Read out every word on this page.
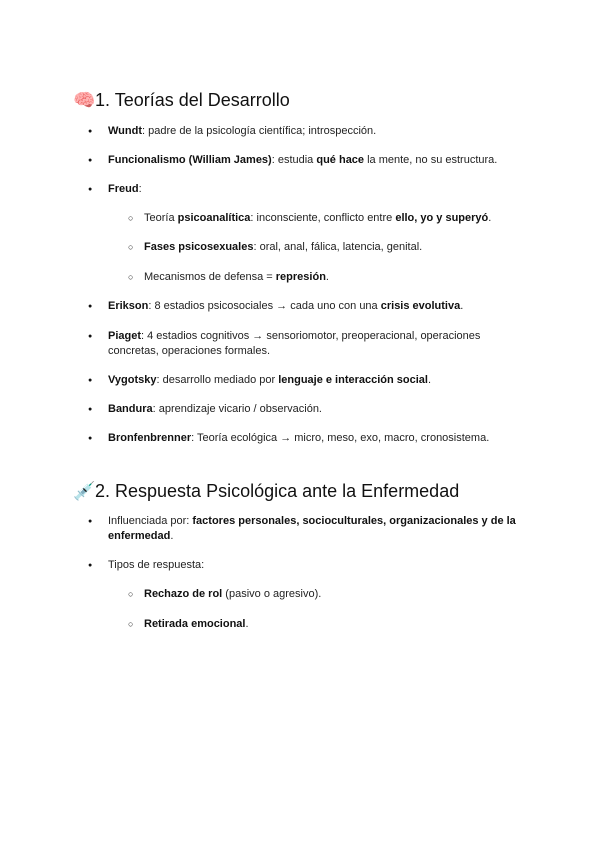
🧠1. Teorías del Desarrollo
● Wundt: padre de la psicología científica; introspección.
● Funcionalismo (William James): estudia qué hace la mente, no su estructura.
● Freud:
○ Teoría psicoanalítica: inconsciente, conflicto entre ello, yo y superyó.
○ Fases psicosexuales: oral, anal, fálica, latencia, genital.
○ Mecanismos de defensa = represión.
● Erikson: 8 estadios psicosociales → cada uno con una crisis evolutiva.
● Piaget: 4 estadios cognitivos → sensoriomotor, preoperacional, operaciones concretas, operaciones formales.
● Vygotsky: desarrollo mediado por lenguaje e interacción social.
● Bandura: aprendizaje vicario / observación.
● Bronfenbrenner: Teoría ecológica → micro, meso, exo, macro, cronosistema.
💉2. Respuesta Psicológica ante la Enfermedad
● Influenciada por: factores personales, socioculturales, organizacionales y de la enfermedad.
● Tipos de respuesta:
○ Rechazo de rol (pasivo o agresivo).
○ Retirada emocional.
